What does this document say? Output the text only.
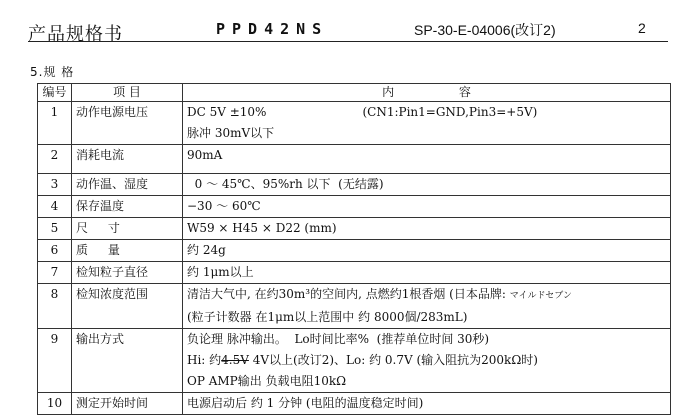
产品规格书	PPD42NS	SP-30-E-04006(改订2)	2
5.规 格
编号	项 目	内                 容
1	动作电源电压	DC 5V ±10% (CN1:Pin1=GND,Pin3=+5V)
脉冲 30mV以下

2	消耗电流	90mA

3	动作温、湿度	0 ～ 45℃、95%rh 以下  (无结露)

4	保存温度	−30 ～ 60℃

5	尺 寸	W59 × H45 × D22 (mm)

6	质 量	约 24g

7	检知粒子直径	约 1μm以上

8	检知浓度范围	清洁大气中, 在约30m³的空间内, 点燃约1根香烟 (日本品牌: マイルドセブン
(粒子计数器 在1μm以上范围中 约 8000個/283mL)

9	输出方式	负论理 脉冲输出。  Lo时间比率%  (推荐单位时间 30秒)
Hi: 约4.5V 4V以上(改订2)、Lo: 约 0.7V (输入阻抗为200kΩ时)
OP AMP输出 负载电阻10kΩ

10	测定开始时间	电源启动后 约 1 分钟 (电阻的温度稳定时间)
